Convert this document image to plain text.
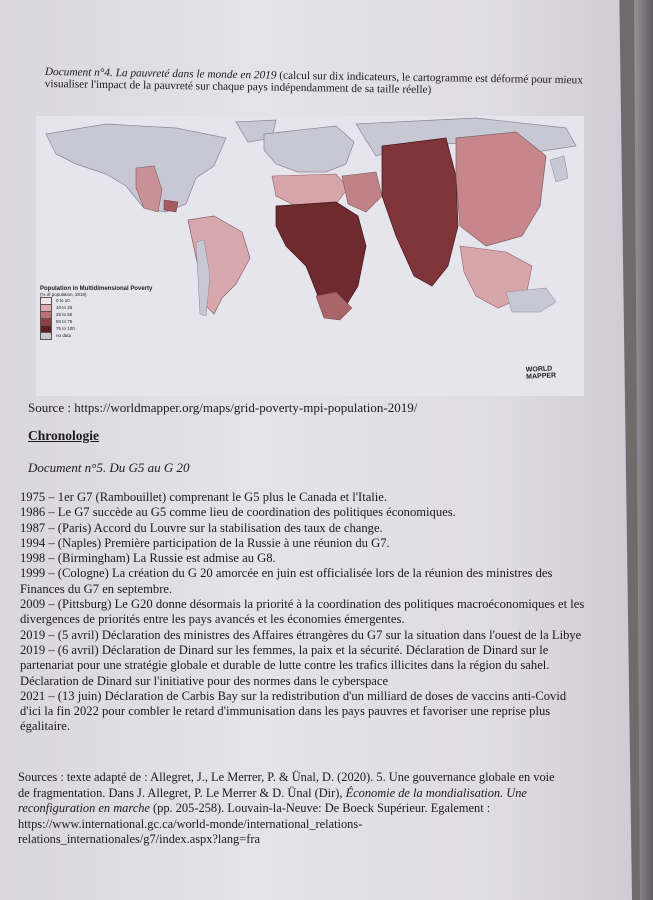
Document n°4. La pauvreté dans le monde en 2019 (calcul sur dix indicateurs, le cartogramme est déformé pour mieux visualiser l'impact de la pauvreté sur chaque pays indépendamment de sa taille réelle)
Population in Multidimensional Poverty
(% of population, 2019)
0 to 10
10 to 25
25 to 50
50 to 75
75 to 100
no data
WORLD
MAPPER
Source : https://worldmapper.org/maps/grid-poverty-mpi-population-2019/
Chronologie
Document n°5. Du G5 au G 20
1975 – 1er G7 (Rambouillet) comprenant le G5 plus le Canada et l'Italie.
1986 – Le G7 succède au G5 comme lieu de coordination des politiques économiques.
1987 – (Paris) Accord du Louvre sur la stabilisation des taux de change.
1994 – (Naples) Première participation de la Russie à une réunion du G7.
1998 – (Birmingham) La Russie est admise au G8.
1999 – (Cologne) La création du G 20 amorcée en juin est officialisée lors de la réunion des ministres des
Finances du G7 en septembre.
2009 – (Pittsburg) Le G20 donne désormais la priorité à la coordination des politiques macroéconomiques et les
divergences de priorités entre les pays avancés et les économies émergentes.
2019 – (5 avril) Déclaration des ministres des Affaires étrangères du G7 sur la situation dans l'ouest de la Libye
2019 – (6 avril) Déclaration de Dinard sur les femmes, la paix et la sécurité. Déclaration de Dinard sur le
partenariat pour une stratégie globale et durable de lutte contre les trafics illicites dans la région du sahel.
Déclaration de Dinard sur l'initiative pour des normes dans le cyberspace
2021 – (13 juin) Déclaration de Carbis Bay sur la redistribution d'un milliard de doses de vaccins anti-Covid
d'ici la fin 2022 pour combler le retard d'immunisation dans les pays pauvres et favoriser une reprise plus
égalitaire.
Sources : texte adapté de : Allegret, J., Le Merrer, P. & Ünal, D. (2020). 5. Une gouvernance globale en voie
de fragmentation. Dans J. Allegret, P. Le Merrer & D. Ünal (Dir), Économie de la mondialisation. Une
reconfiguration en marche (pp. 205-258). Louvain-la-Neuve: De Boeck Supérieur. Egalement :
https://www.international.gc.ca/world-monde/international_relations-
relations_internationales/g7/index.aspx?lang=fra
